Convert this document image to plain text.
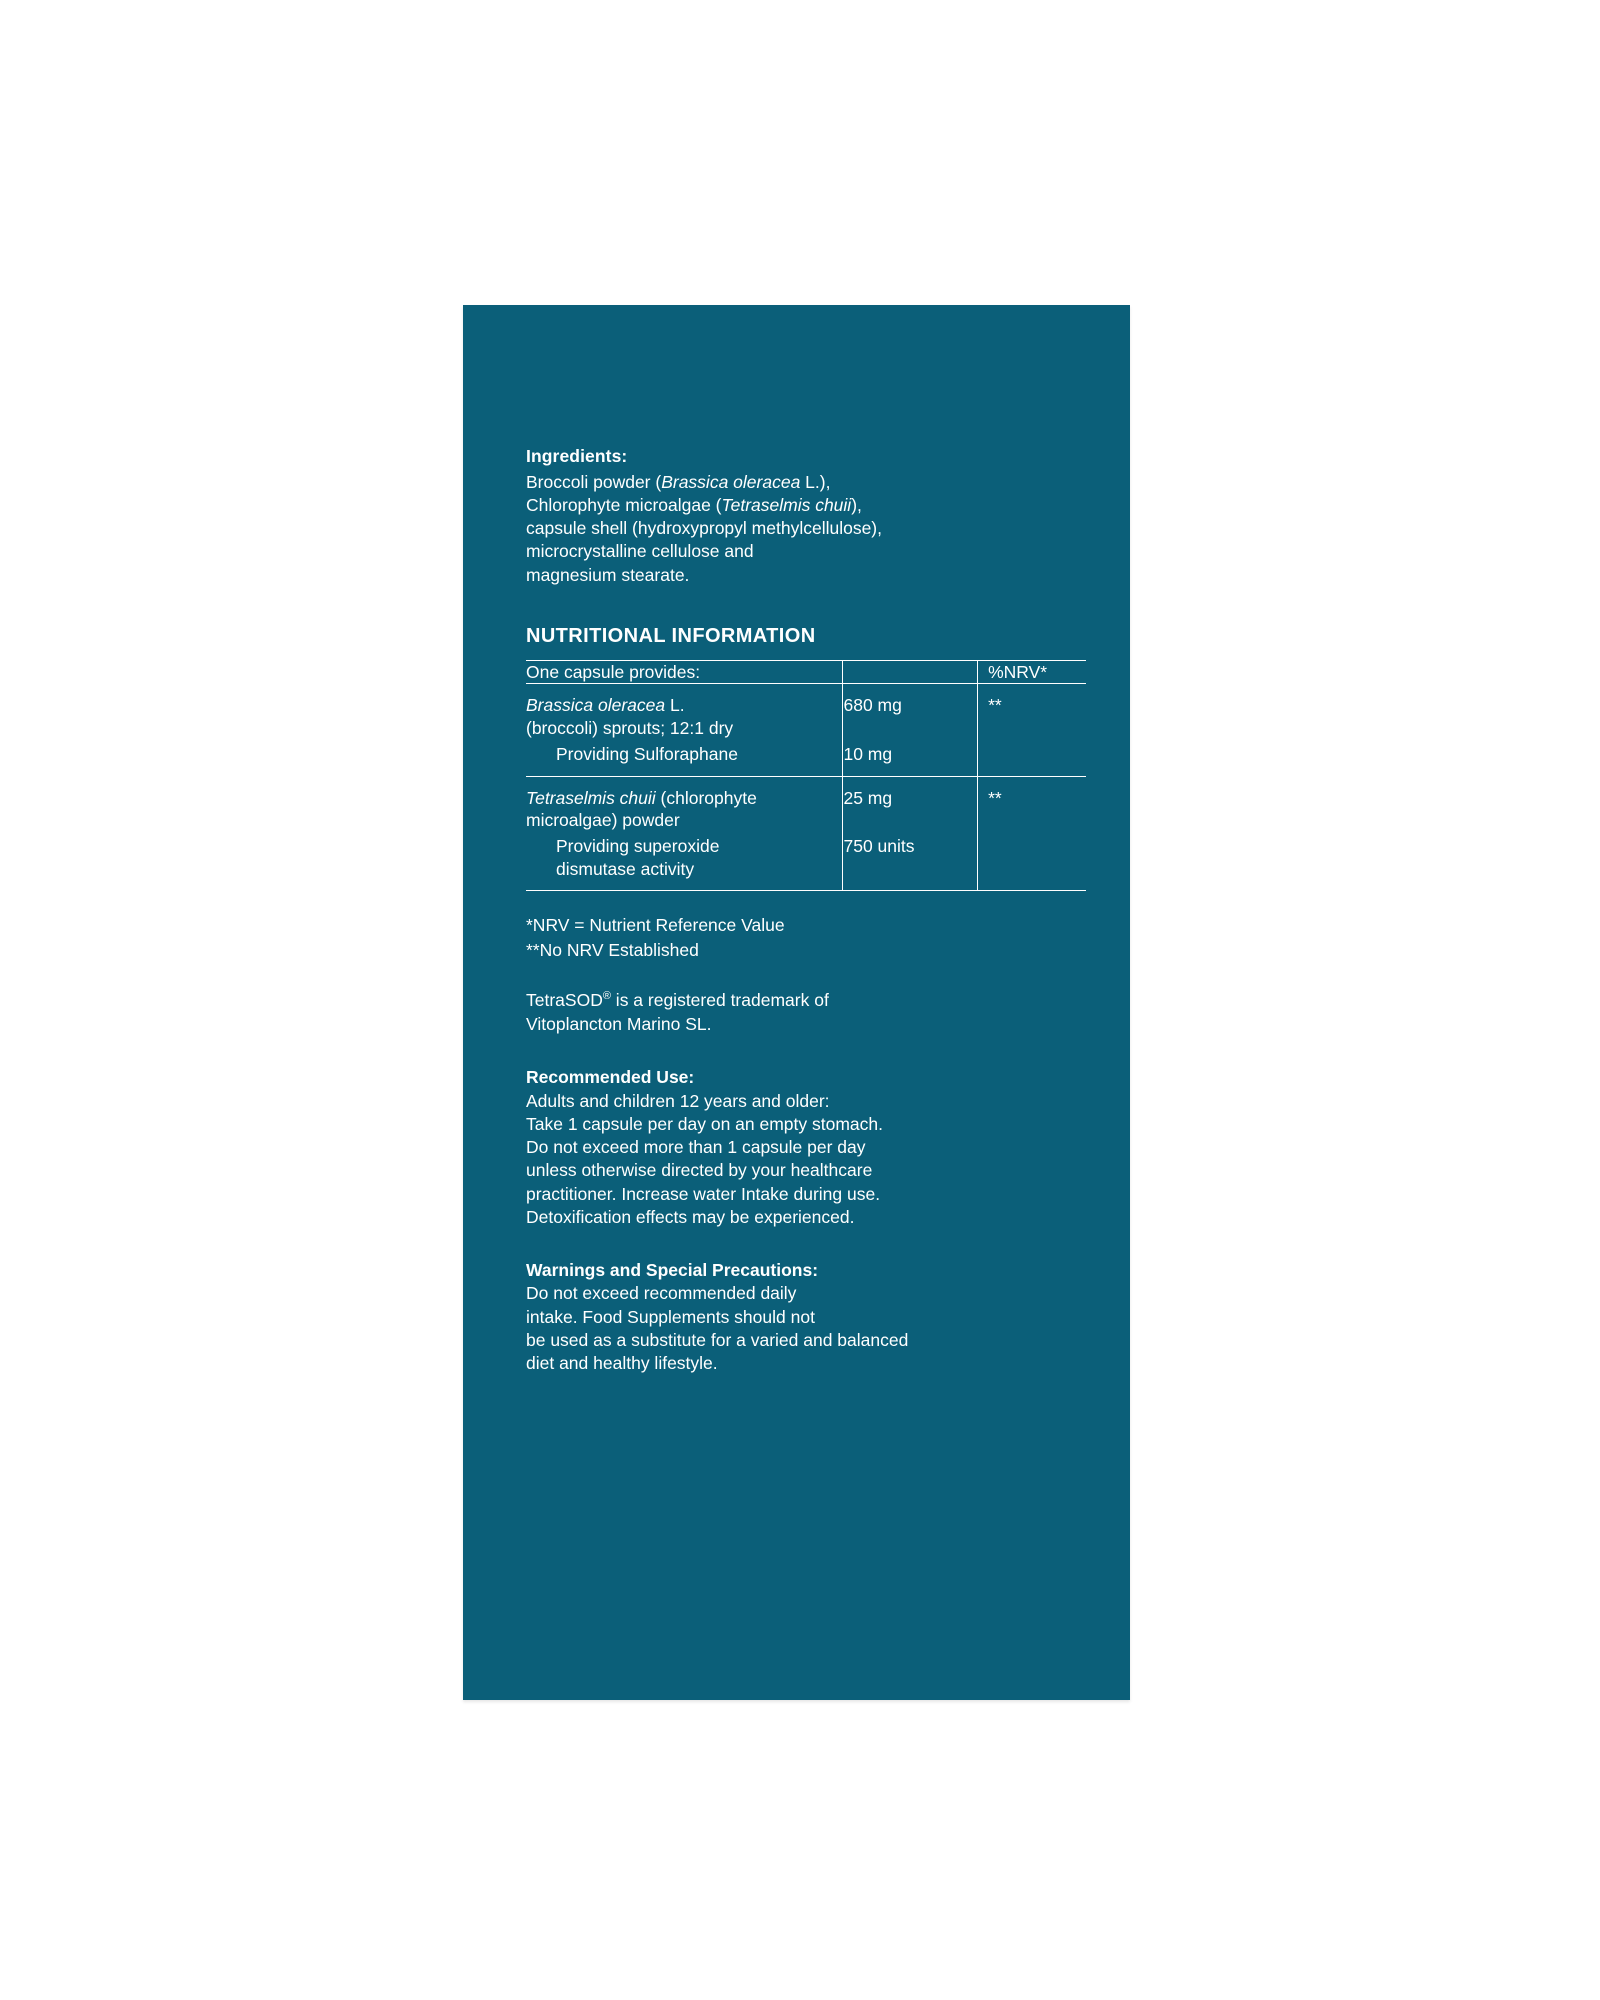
Ingredients:
Broccoli powder (Brassica oleracea L.),
Chlorophyte microalgae (Tetraselmis chuii),
capsule shell (hydroxypropyl methylcellulose),
microcrystalline cellulose and
magnesium stearate.
NUTRITIONAL INFORMATION
One capsule provides:		%NRV*
Brassica oleracea L.
(broccoli) sprouts; 12:1 dry	680 mg	**
Providing Sulforaphane	10 mg	

Tetraselmis chuii (chlorophyte
microalgae) powder	25 mg	**
Providing superoxide
dismutase activity	750 units	

*NRV = Nutrient Reference Value
**No NRV Established
TetraSOD® is a registered trademark of
Vitoplancton Marino SL.
Recommended Use:
Adults and children 12 years and older:
Take 1 capsule per day on an empty stomach.
Do not exceed more than 1 capsule per day
unless otherwise directed by your healthcare
practitioner. Increase water Intake during use.
Detoxification effects may be experienced.
Warnings and Special Precautions:
Do not exceed recommended daily
intake. Food Supplements should not
be used as a substitute for a varied and balanced
diet and healthy lifestyle.
